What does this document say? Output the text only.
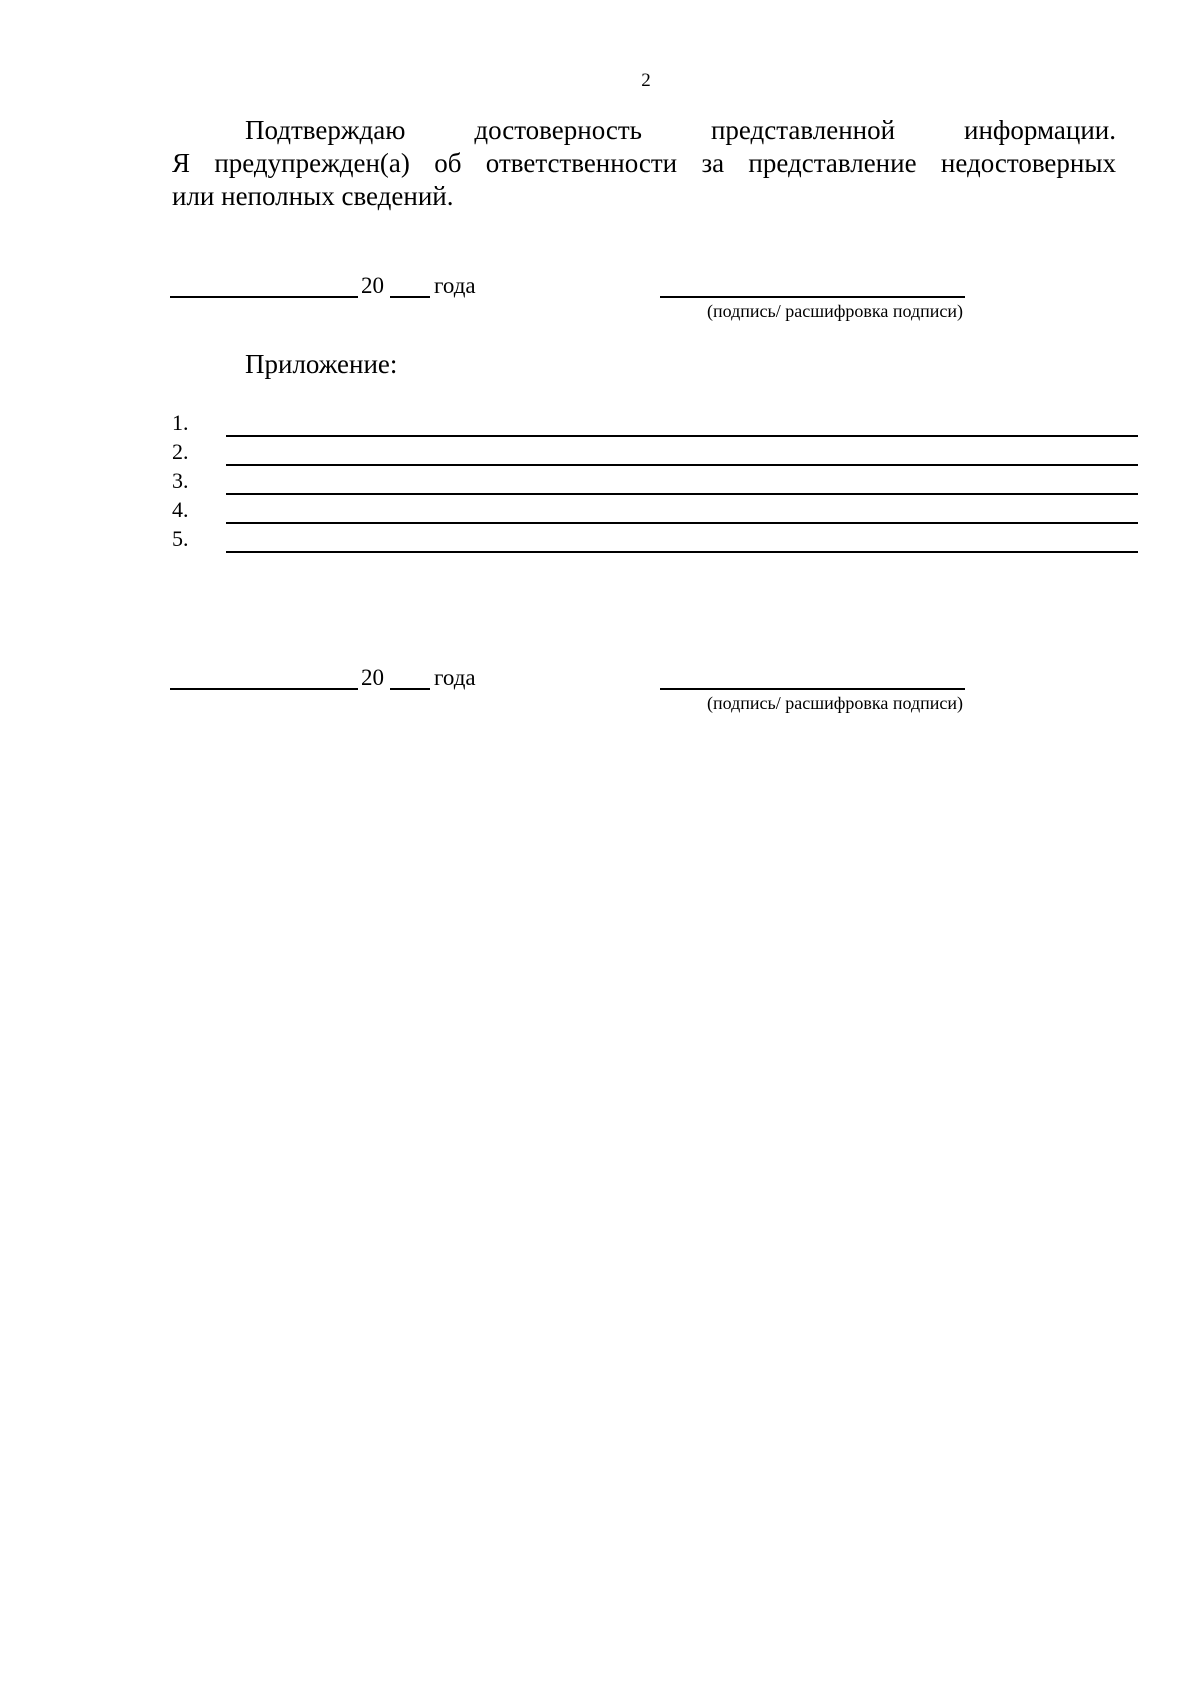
2
Подтверждаю	достоверность	представленной	информации.
Я предупрежден(а) об ответственности за представление недостоверных
или неполных сведений.
20 года
(подпись/ расшифровка подписи)
Приложение:
1.
2.
3.
4.
5.
20 года
(подпись/ расшифровка подписи)
